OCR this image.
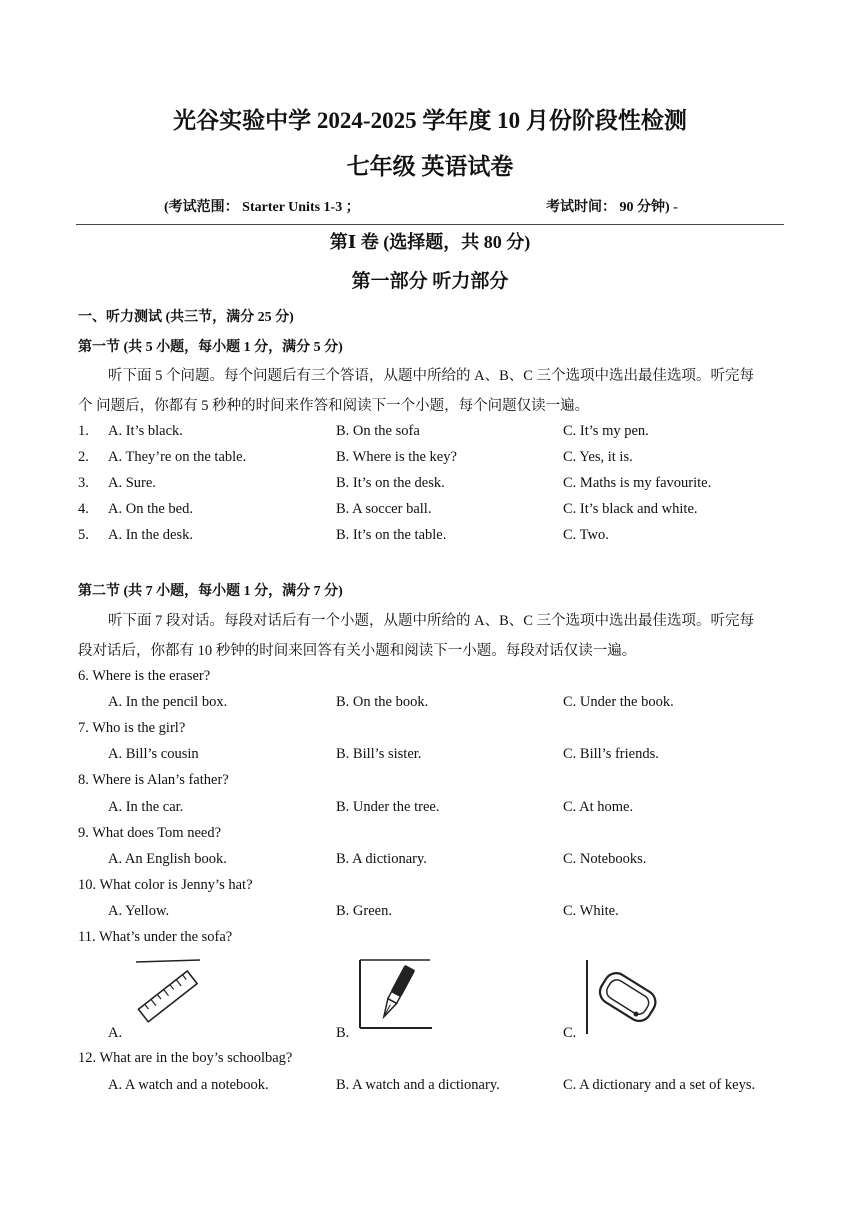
光谷实验中学 2024-2025 学年度 10 月份阶段性检测
七年级 英语试卷
(考试范围： Starter Units 1-3 ；	考试时间： 90 分钟) -
第Ⅰ 卷 (选择题，共 80 分)
第一部分 听力部分
一、听力测试 (共三节，满分 25 分)
第一节 (共 5 小题，每小题 1 分，满分 5 分)
听下面 5 个问题。每个问题后有三个答语，从题中所给的 A、B、C 三个选项中选出最佳选项。听完每
个 问题后，你都有 5 秒种的时间来作答和阅读下一个小题，每个问题仅读一遍。
1. A. It’s black.	B. On the sofa	C. It’s my pen.
2. A. They’re on the table.	B. Where is the key?	C. Yes, it is.
3. A. Sure.	B. It’s on the desk.	C. Maths is my favourite.
4. A. On the bed.	B. A soccer ball.	C. It’s black and white.
5. A. In the desk.	B. It’s on the table.	C. Two.
第二节 (共 7 小题，每小题 1 分，满分 7 分)
听下面 7 段对话。每段对话后有一个小题，从题中所给的 A、B、C 三个选项中选出最佳选项。听完每
段对话后，你都有 10 秒钟的时间来回答有关小题和阅读下一小题。每段对话仅读一遍。
6. Where is the eraser?
A. In the pencil box.	B. On the book.	C. Under the book.
7. Who is the girl?
A. Bill’s cousin	B. Bill’s sister.	C. Bill’s friends.
8. Where is Alan’s father?
A. In the car.	B. Under the tree.	C. At home.
9. What does Tom need?
A. An English book.	B. A dictionary.	C. Notebooks.
10. What color is Jenny’s hat?
A. Yellow.	B. Green.	C. White.
11. What’s under the sofa?
A.	B.	C.
12. What are in the boy’s schoolbag?
A. A watch and a notebook.	B. A watch and a dictionary.	C. A dictionary and a set of keys.
